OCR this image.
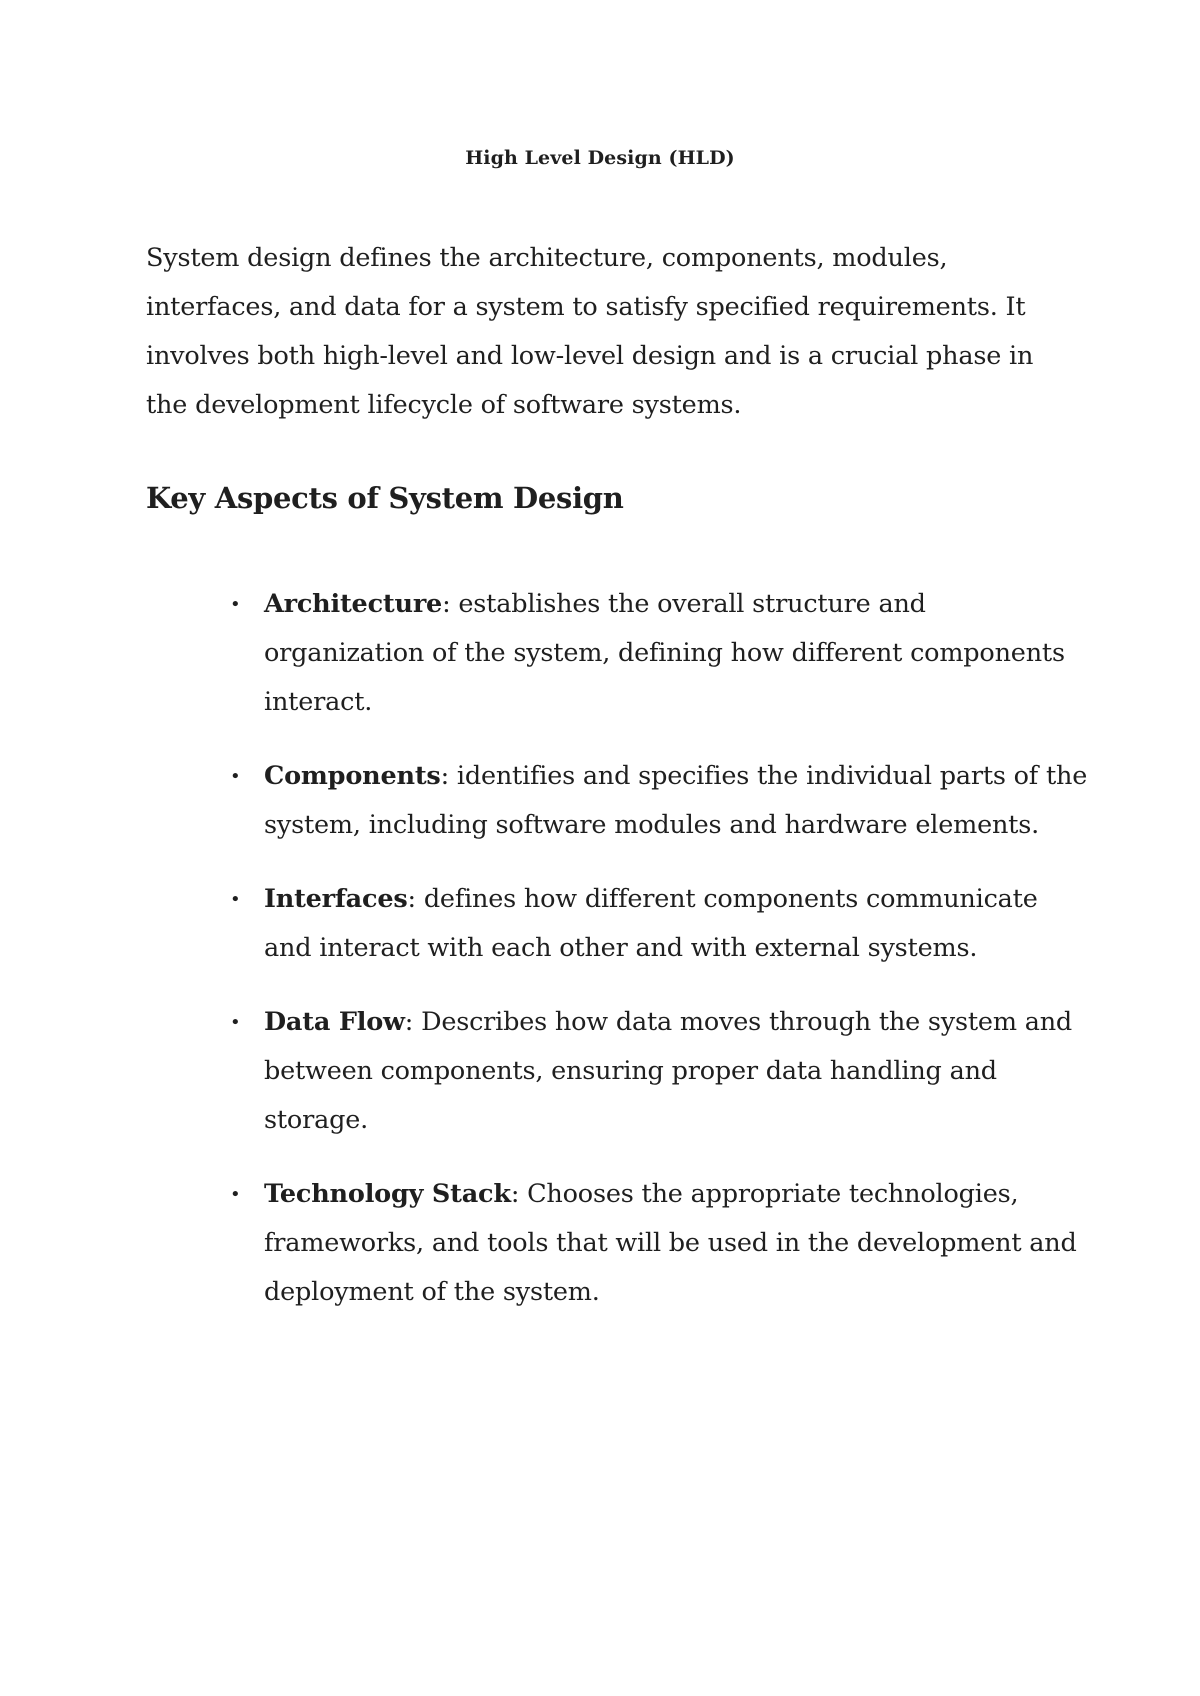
High Level Design (HLD)

System design defines the architecture, components, modules, interfaces, and data for a system to satisfy specified requirements. It involves both high-level and low-level design and is a crucial phase in the development lifecycle of software systems.

Key Aspects of System Design
• Architecture: establishes the overall structure and organization of the system, defining how different components interact.
• Components: identifies and specifies the individual parts of the system, including software modules and hardware elements.
• Interfaces: defines how different components communicate and interact with each other and with external systems.
• Data Flow: Describes how data moves through the system and between components, ensuring proper data handling and storage.
• Technology Stack: Chooses the appropriate technologies, frameworks, and tools that will be used in the development and deployment of the system.
